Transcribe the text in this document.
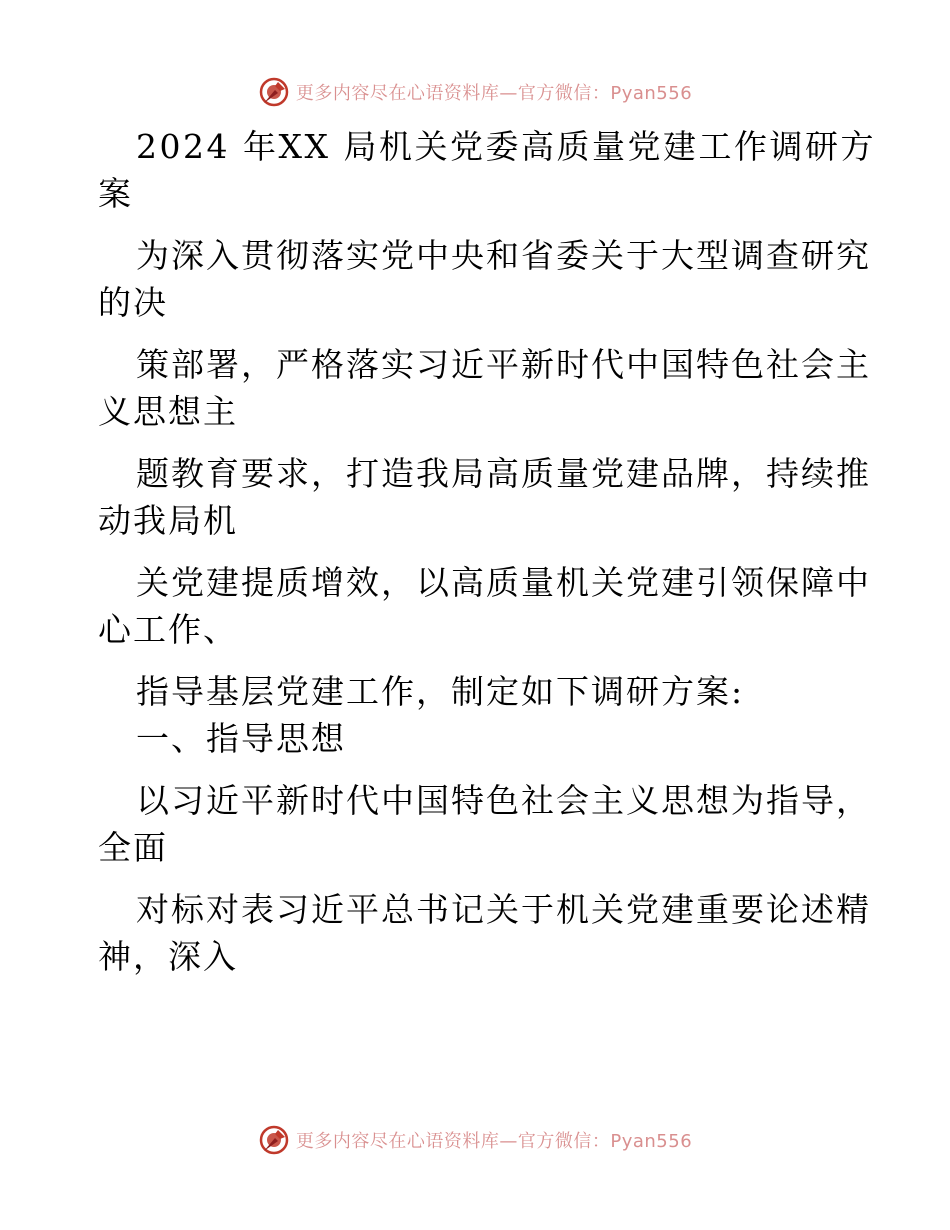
更多内容尽在心语资料库—官方微信：Pyan556
2024 年XX 局机关党委高质量党建工作调研方
案
为深入贯彻落实党中央和省委关于大型调查研究
的决
策部署，严格落实习近平新时代中国特色社会主
义思想主
题教育要求，打造我局高质量党建品牌，持续推
动我局机
关党建提质增效，以高质量机关党建引领保障中
心工作、
指导基层党建工作，制定如下调研方案:
一、指导思想
以习近平新时代中国特色社会主义思想为指导，
全面
对标对表习近平总书记关于机关党建重要论述精
神，深入
更多内容尽在心语资料库—官方微信：Pyan556
